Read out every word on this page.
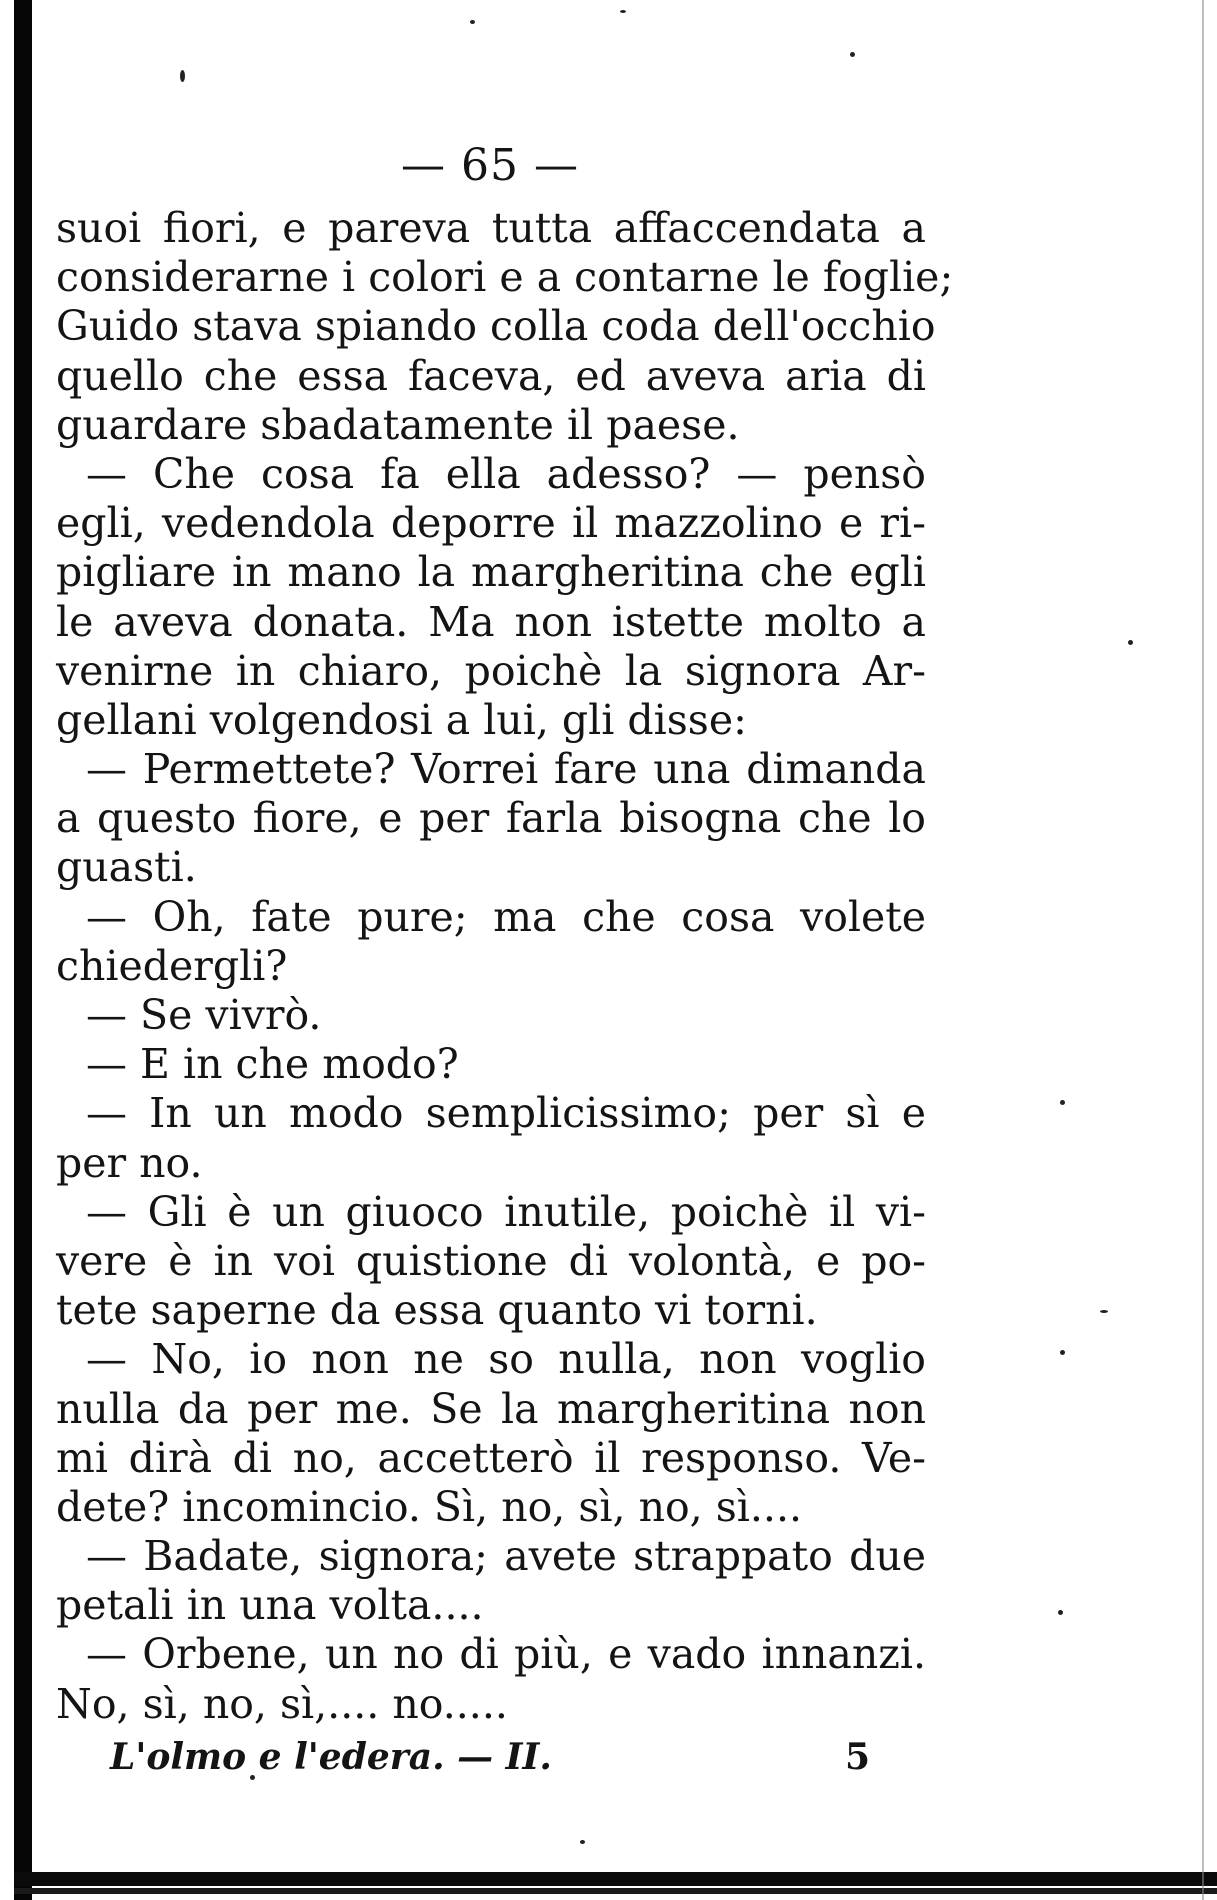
— 65 —
suoi fiori, e pareva tutta affaccendata a
considerarne i colori e a contarne le foglie;
Guido stava spiando colla coda dell'occhio
quello che essa faceva, ed aveva aria di
guardare sbadatamente il paese.
— Che cosa fa ella adesso? — pensò
egli, vedendola deporre il mazzolino e ri-
pigliare in mano la margheritina che egli
le aveva donata. Ma non istette molto a
venirne in chiaro, poichè la signora Ar-
gellani volgendosi a lui, gli disse:
— Permettete? Vorrei fare una dimanda
a questo fiore, e per farla bisogna che lo
guasti.
— Oh, fate pure; ma che cosa volete
chiedergli?
— Se vivrò.
— E in che modo?
— In un modo semplicissimo; per sì e
per no.
— Gli è un giuoco inutile, poichè il vi-
vere è in voi quistione di volontà, e po-
tete saperne da essa quanto vi torni.
— No, io non ne so nulla, non voglio
nulla da per me. Se la margheritina non
mi dirà di no, accetterò il responso. Ve-
dete? incomincio. Sì, no, sì, no, sì....
— Badate, signora; avete strappato due
petali in una volta....
— Orbene, un no di più, e vado innanzi.
No, sì, no, sì,.... no.....
L'olmo e l'edera. — II.	5
